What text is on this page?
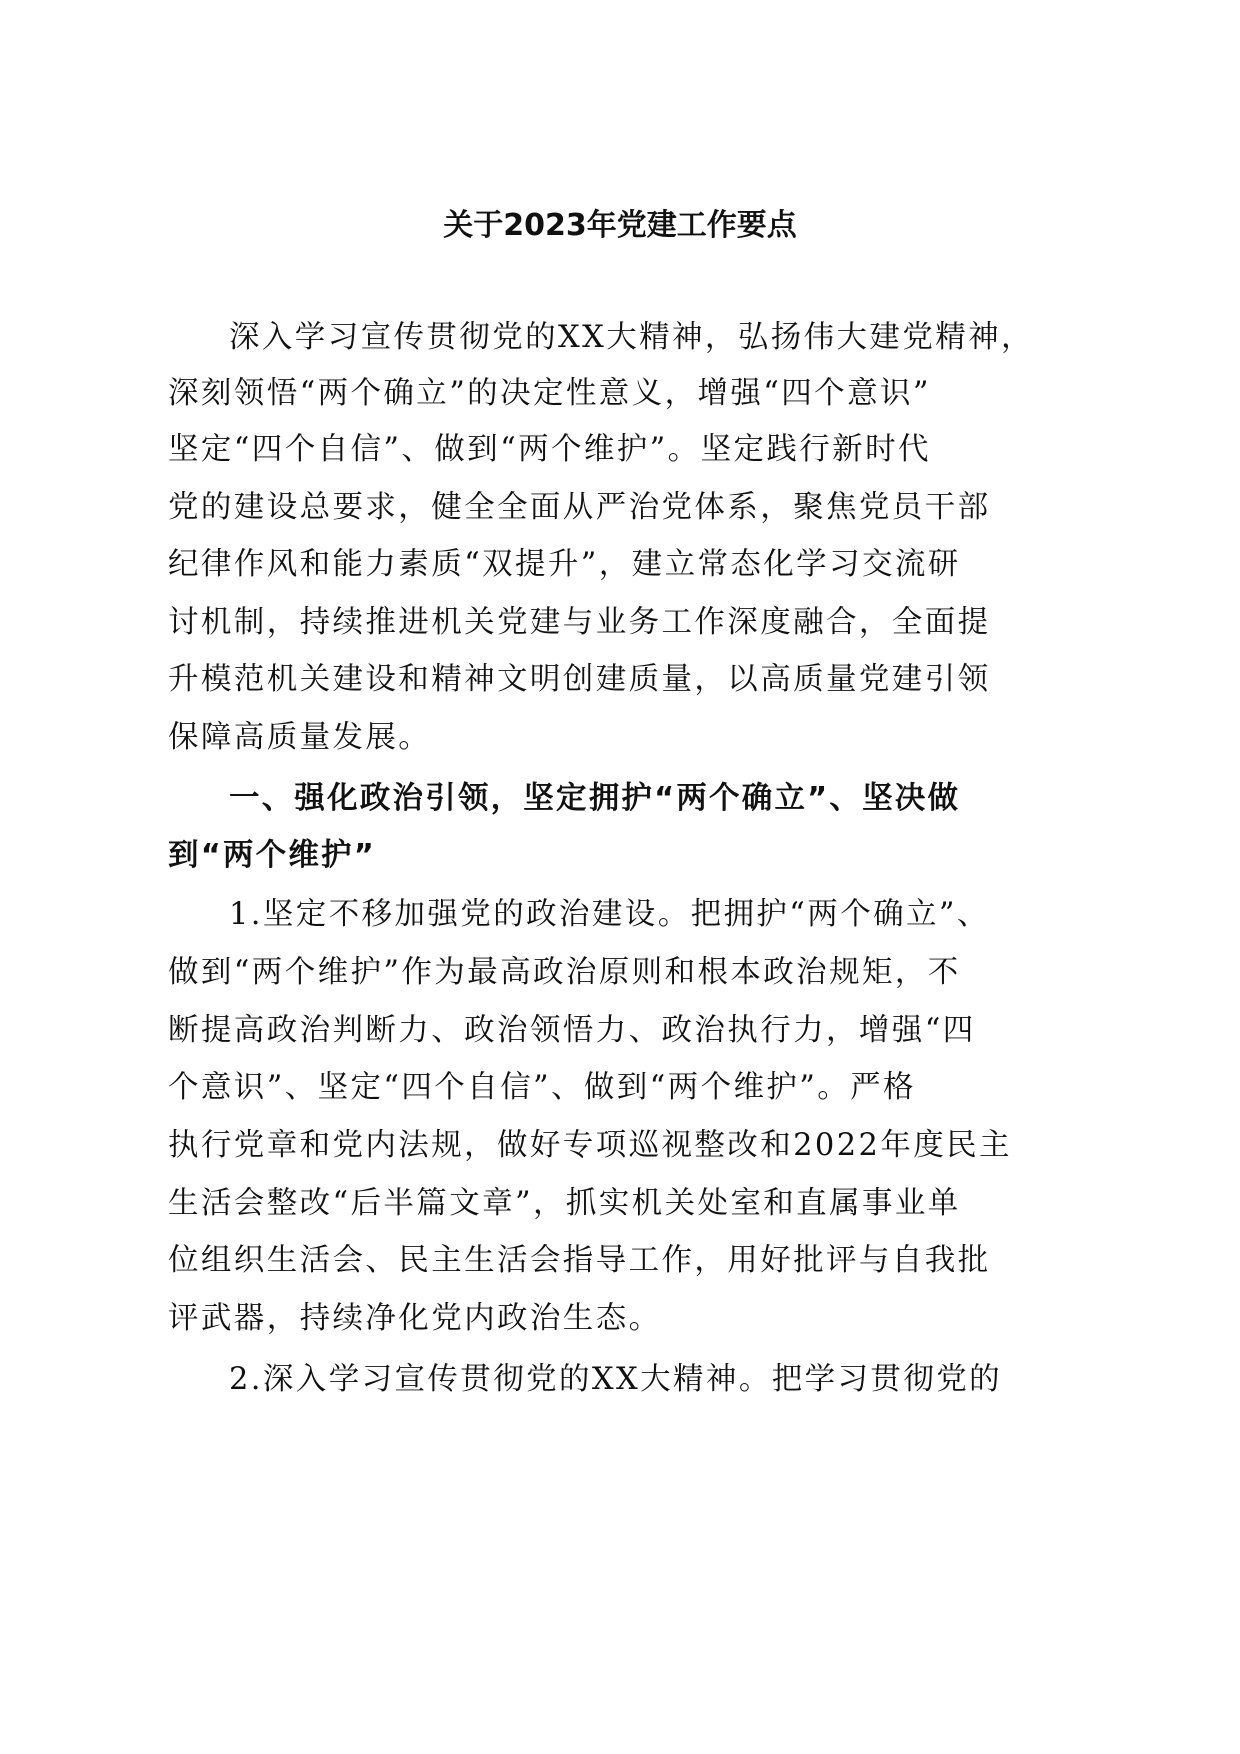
关于2023年党建工作要点
深入学习宣传贯彻党的XX大精神，弘扬伟大建党精神，
深刻领悟“两个确立”的决定性意义，增强“四个意识”
坚定“四个自信”、做到“两个维护”。坚定践行新时代
党的建设总要求，健全全面从严治党体系，聚焦党员干部
纪律作风和能力素质“双提升”，建立常态化学习交流研
讨机制，持续推进机关党建与业务工作深度融合，全面提
升模范机关建设和精神文明创建质量，以高质量党建引领
保障高质量发展。
一、强化政治引领，坚定拥护“两个确立”、坚决做
到“两个维护”
1.坚定不移加强党的政治建设。把拥护“两个确立”、
做到“两个维护”作为最高政治原则和根本政治规矩，不
断提高政治判断力、政治领悟力、政治执行力，增强“四
个意识”、坚定“四个自信”、做到“两个维护”。严格
执行党章和党内法规，做好专项巡视整改和2022年度民主
生活会整改“后半篇文章”，抓实机关处室和直属事业单
位组织生活会、民主生活会指导工作，用好批评与自我批
评武器，持续净化党内政治生态。
2.深入学习宣传贯彻党的XX大精神。把学习贯彻党的
